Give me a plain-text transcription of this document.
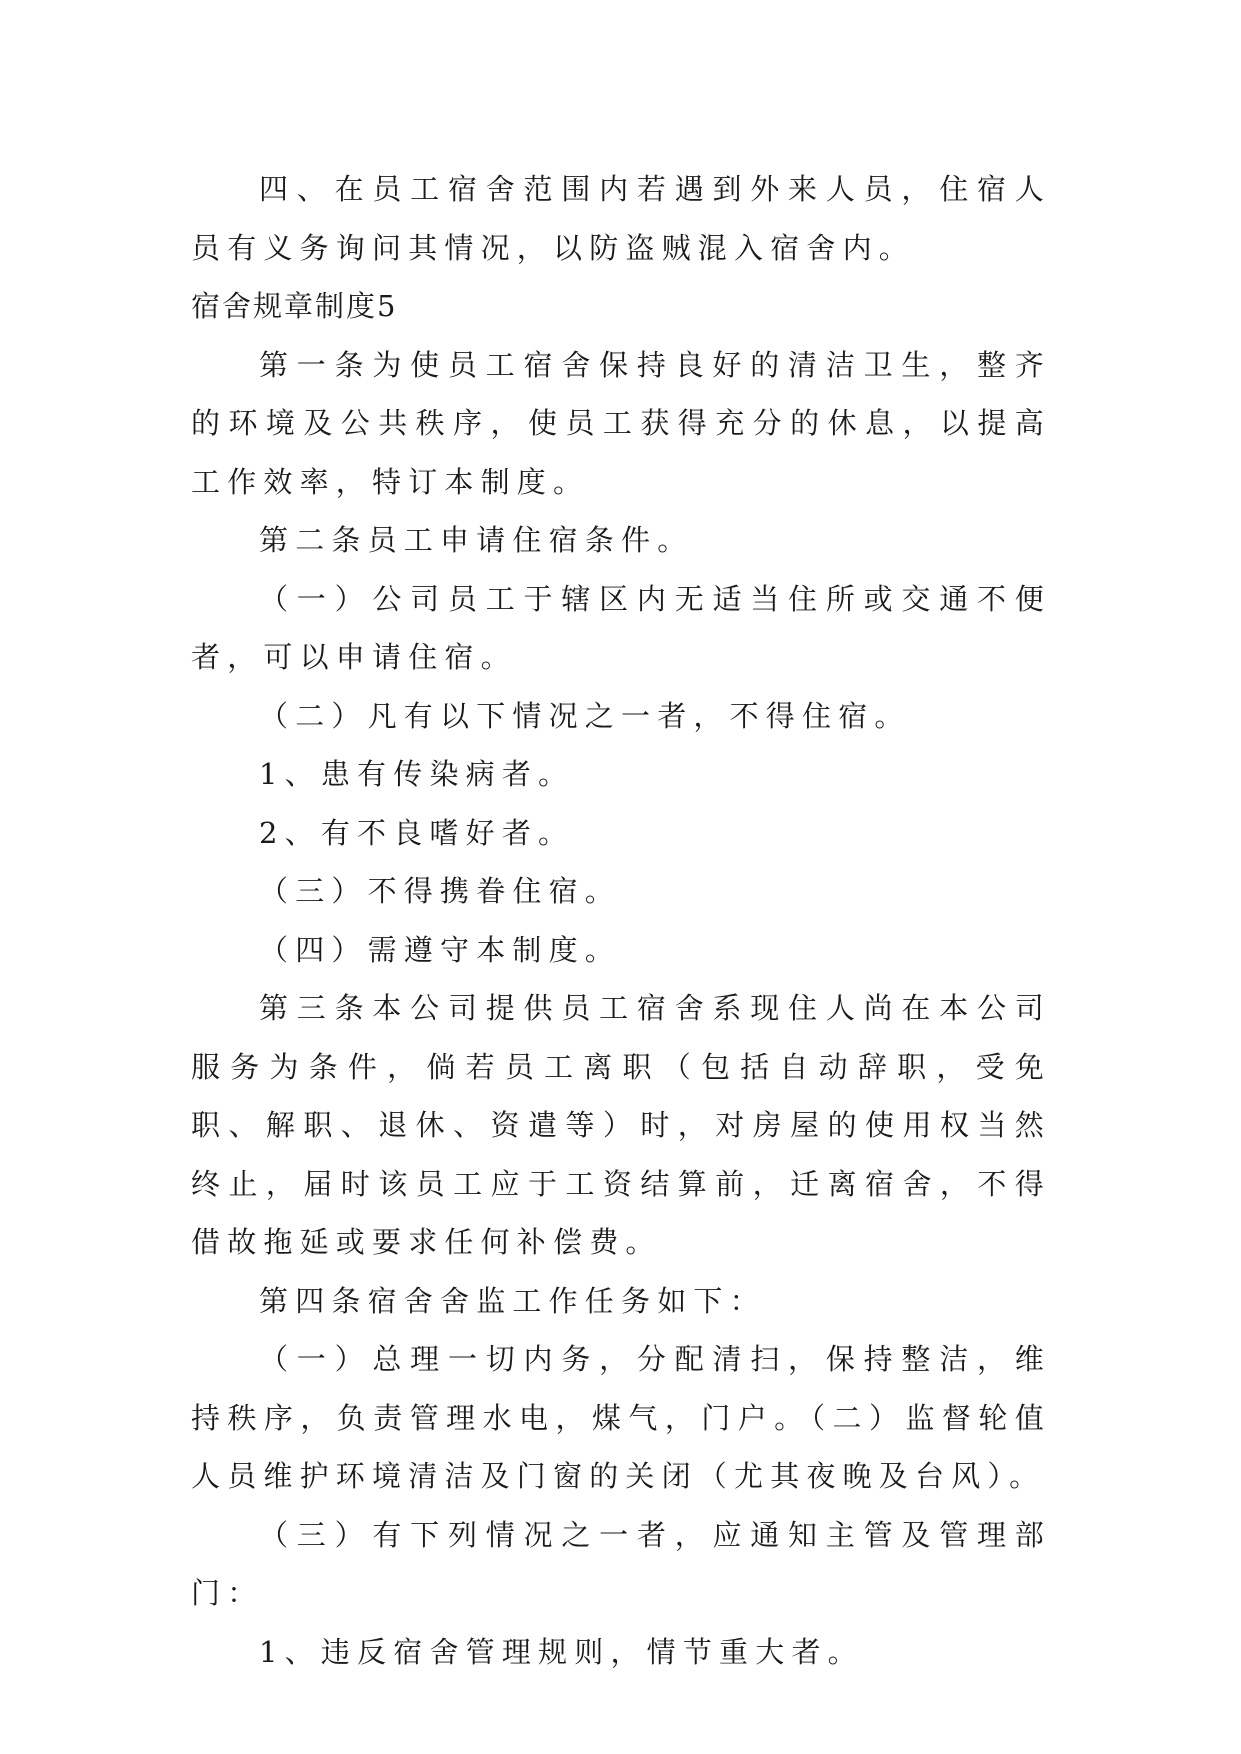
四、在员工宿舍范围内若遇到外来人员，住宿人员有义务询问其情况，以防盗贼混入宿舍内。

宿舍规章制度5

第一条为使员工宿舍保持良好的清洁卫生，整齐的环境及公共秩序，使员工获得充分的休息，以提高工作效率，特订本制度。

第二条员工申请住宿条件。

（一）公司员工于辖区内无适当住所或交通不便者，可以申请住宿。

（二）凡有以下情况之一者，不得住宿。

1、患有传染病者。

2、有不良嗜好者。

（三）不得携眷住宿。

（四）需遵守本制度。

第三条本公司提供员工宿舍系现住人尚在本公司服务为条件，倘若员工离职（包括自动辞职，受免职、解职、退休、资遣等）时，对房屋的使用权当然终止，届时该员工应于工资结算前，迁离宿舍，不得借故拖延或要求任何补偿费。

第四条宿舍舍监工作任务如下：

（一）总理一切内务，分配清扫，保持整洁，维持秩序，负责管理水电，煤气，门户。（二）监督轮值人员维护环境清洁及门窗的关闭（尤其夜晚及台风）。

（三）有下列情况之一者，应通知主管及管理部门：

1、违反宿舍管理规则，情节重大者。
